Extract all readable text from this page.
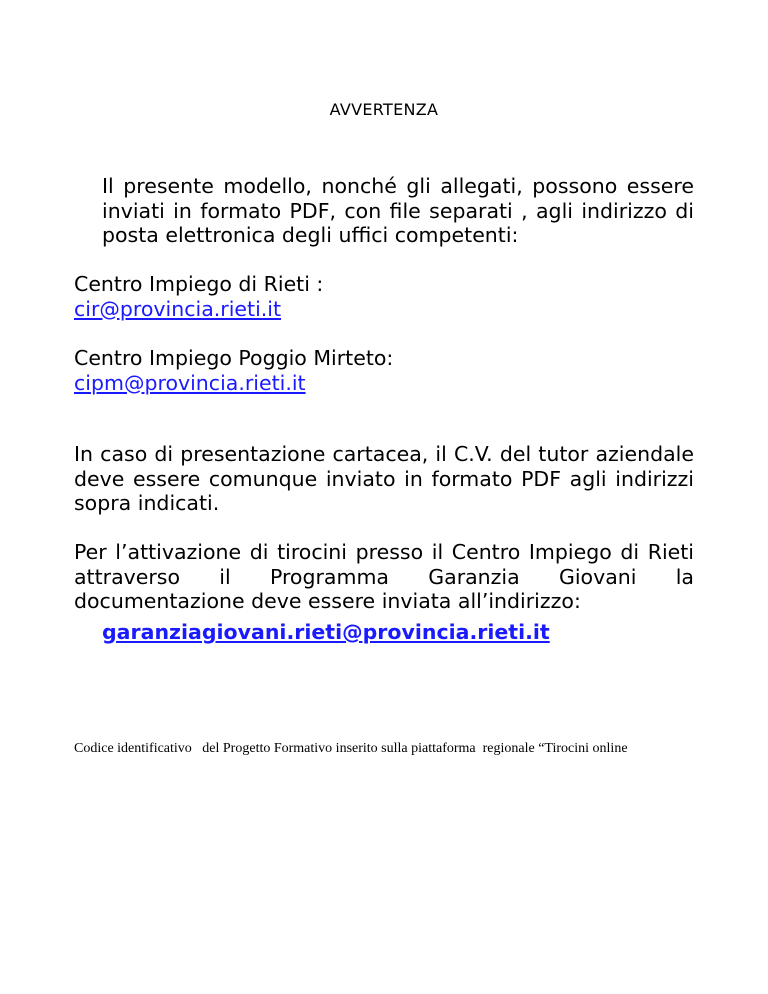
AVVERTENZA
Il presente modello, nonché gli allegati, possono essere inviati in formato PDF, con file separati , agli indirizzo di posta elettronica degli uffici competenti:
Centro Impiego di Rieti :
cir@provincia.rieti.it
Centro Impiego Poggio Mirteto:
cipm@provincia.rieti.it
In caso di presentazione cartacea, il C.V. del tutor aziendale deve essere comunque inviato in formato PDF agli indirizzi sopra indicati.
Per l’attivazione di tirocini presso il Centro Impiego di Rieti attraverso il Programma Garanzia Giovani la
documentazione deve essere inviata all’indirizzo:
garanziagiovani.rieti@provincia.rieti.it
Codice identificativo   del Progetto Formativo inserito sulla piattaforma  regionale “Tirocini online
